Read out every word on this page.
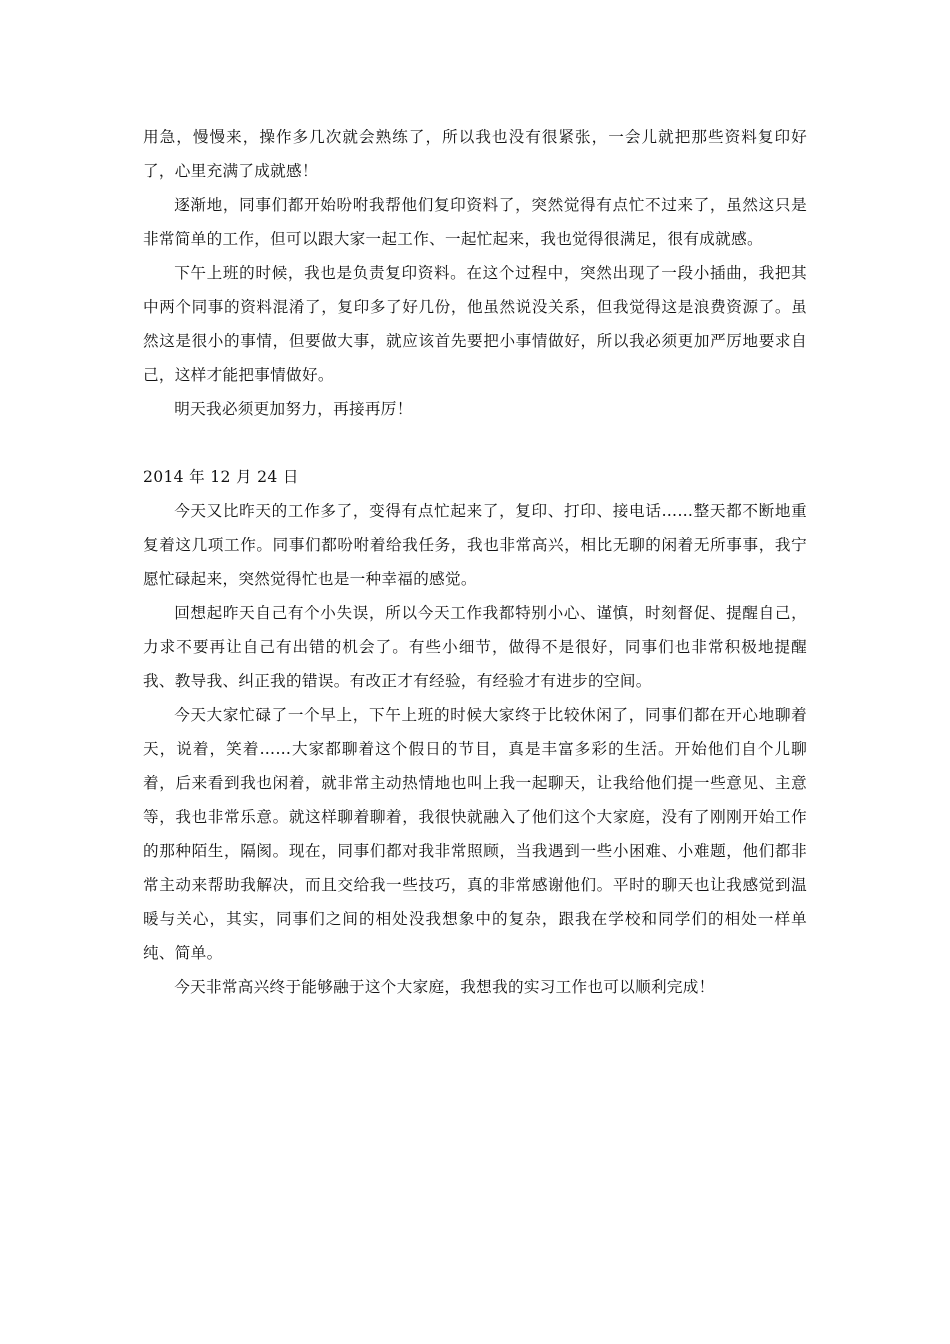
用急，慢慢来，操作多几次就会熟练了，所以我也没有很紧张，一会儿就把那些资料复印好了，心里充满了成就感！

逐渐地，同事们都开始吩咐我帮他们复印资料了，突然觉得有点忙不过来了，虽然这只是非常简单的工作，但可以跟大家一起工作、一起忙起来，我也觉得很满足，很有成就感。

下午上班的时候，我也是负责复印资料。在这个过程中，突然出现了一段小插曲，我把其中两个同事的资料混淆了，复印多了好几份，他虽然说没关系，但我觉得这是浪费资源了。虽然这是很小的事情，但要做大事，就应该首先要把小事情做好，所以我必须更加严厉地要求自己，这样才能把事情做好。

明天我必须更加努力，再接再厉！

2014 年 12 月 24 日

今天又比昨天的工作多了，变得有点忙起来了，复印、打印、接电话……整天都不断地重复着这几项工作。同事们都吩咐着给我任务，我也非常高兴，相比无聊的闲着无所事事，我宁愿忙碌起来，突然觉得忙也是一种幸福的感觉。

回想起昨天自己有个小失误，所以今天工作我都特别小心、谨慎，时刻督促、提醒自己，力求不要再让自己有出错的机会了。有些小细节，做得不是很好，同事们也非常积极地提醒我、教导我、纠正我的错误。有改正才有经验，有经验才有进步的空间。

今天大家忙碌了一个早上，下午上班的时候大家终于比较休闲了，同事们都在开心地聊着天，说着，笑着……大家都聊着这个假日的节目，真是丰富多彩的生活。开始他们自个儿聊着，后来看到我也闲着，就非常主动热情地也叫上我一起聊天，让我给他们提一些意见、主意等，我也非常乐意。就这样聊着聊着，我很快就融入了他们这个大家庭，没有了刚刚开始工作的那种陌生，隔阂。现在，同事们都对我非常照顾，当我遇到一些小困难、小难题，他们都非常主动来帮助我解决，而且交给我一些技巧，真的非常感谢他们。平时的聊天也让我感觉到温暖与关心，其实，同事们之间的相处没我想象中的复杂，跟我在学校和同学们的相处一样单纯、简单。

今天非常高兴终于能够融于这个大家庭，我想我的实习工作也可以顺利完成！
